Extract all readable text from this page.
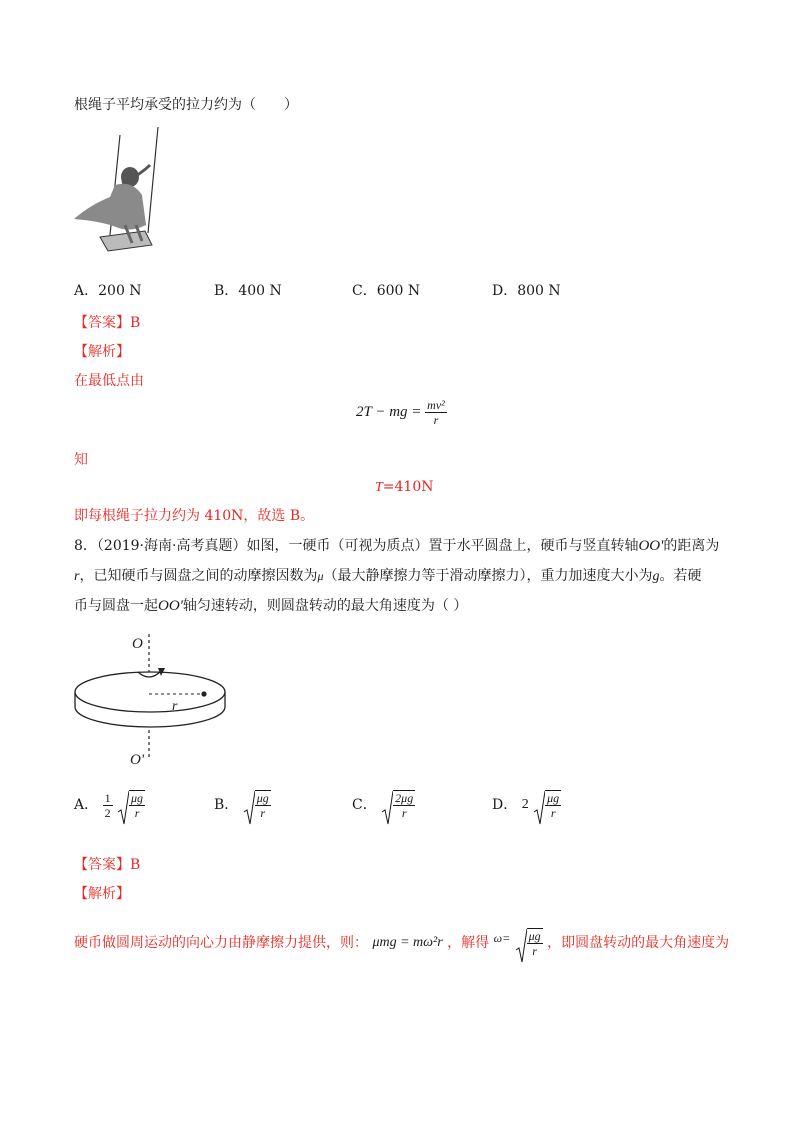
根绳子平均承受的拉力约为（　　）
A．200 N	B．400 N	C．600 N	D．800 N
【答案】B
【解析】
在最低点由
2T − mg = $\frac{\text{mv²}}{r}$
知
T=410N
即每根绳子拉力约为 410N，故选 B。
8．（2019·海南·高考真题）如图，一硬币（可视为质点）置于水平圆盘上，硬币与竖直转轴OO'的距离为
r，已知硬币与圆盘之间的动摩擦因数为μ（最大静摩擦力等于滑动摩擦力），重力加速度大小为g。若硬
币与圆盘一起OO'轴匀速转动，则圆盘转动的最大角速度为（ ）
O
O'
r
A． $\frac{1}{2}$
$\frac{\mu g}{r}$	B． $\frac{\mu g}{r}$	C． $\frac{2\mu g}{r}$	D． $2 \frac{\mu g}{r}$
【答案】B
【解析】
硬币做圆周运动的向心力由静摩擦力提供，则： μmg = mω²r ，解得 $\omega= \frac{\mu g}{r}$ ，即圆盘转动的最大角速度为
